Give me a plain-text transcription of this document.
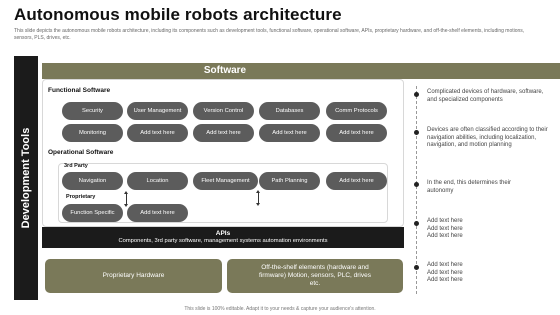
Autonomous mobile robots architecture
This slide depicts the autonomous mobile robots architecture, including its components such as development tools, functional software, operational software, APIs, proprietary hardware, and off-the-shelf elements, including motions, sensors, PLS, drives, etc.
Development Tools
Software
Functional Software
Security	User Management	Version Control	Databases	Comm Protocols
Monitoring	Add text here	Add text here	Add text here	Add text here
Operational Software
3rd Party
Navigation	Location	Fleet Management	Path Planning	Add text here
Proprietary
Function Specific	Add text here
APIs
Components, 3rd party software, management systems automation environments
Proprietary Hardware
Off-the-shelf elements (hardware and firmware) Motion, sensors, PLC, drives etc.
Complicated devices of hardware, software, and specialized components
Devices are often classified according to their navigation abilities, including localization, navigation, and motion planning
In the end, this determines their autonomy
Add text here Add text here Add text here
Add text here Add text here Add text here
This slide is 100% editable. Adapt it to your needs & capture your audience's attention.
